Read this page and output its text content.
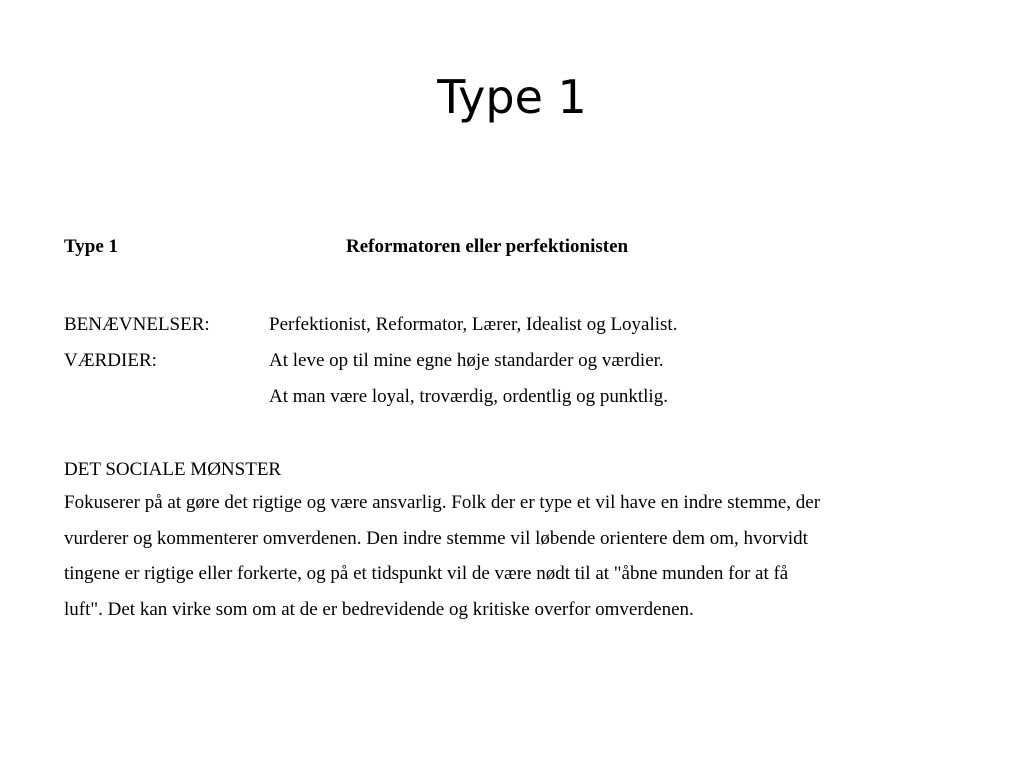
Type 1
Type 1	Reformatoren eller perfektionisten
BENÆVNELSER:	Perfektionist, Reformator, Lærer, Idealist og Loyalist.
VÆRDIER:	At leve op til mine egne høje standarder og værdier.
At man være loyal, troværdig, ordentlig og punktlig.
DET SOCIALE MØNSTER
Fokuserer på at gøre det rigtige og være ansvarlig. Folk der er type et vil have en indre stemme, der
vurderer og kommenterer omverdenen. Den indre stemme vil løbende orientere dem om, hvorvidt
tingene er rigtige eller forkerte, og på et tidspunkt vil de være nødt til at "åbne munden for at få
luft". Det kan virke som om at de er bedrevidende og kritiske overfor omverdenen.
